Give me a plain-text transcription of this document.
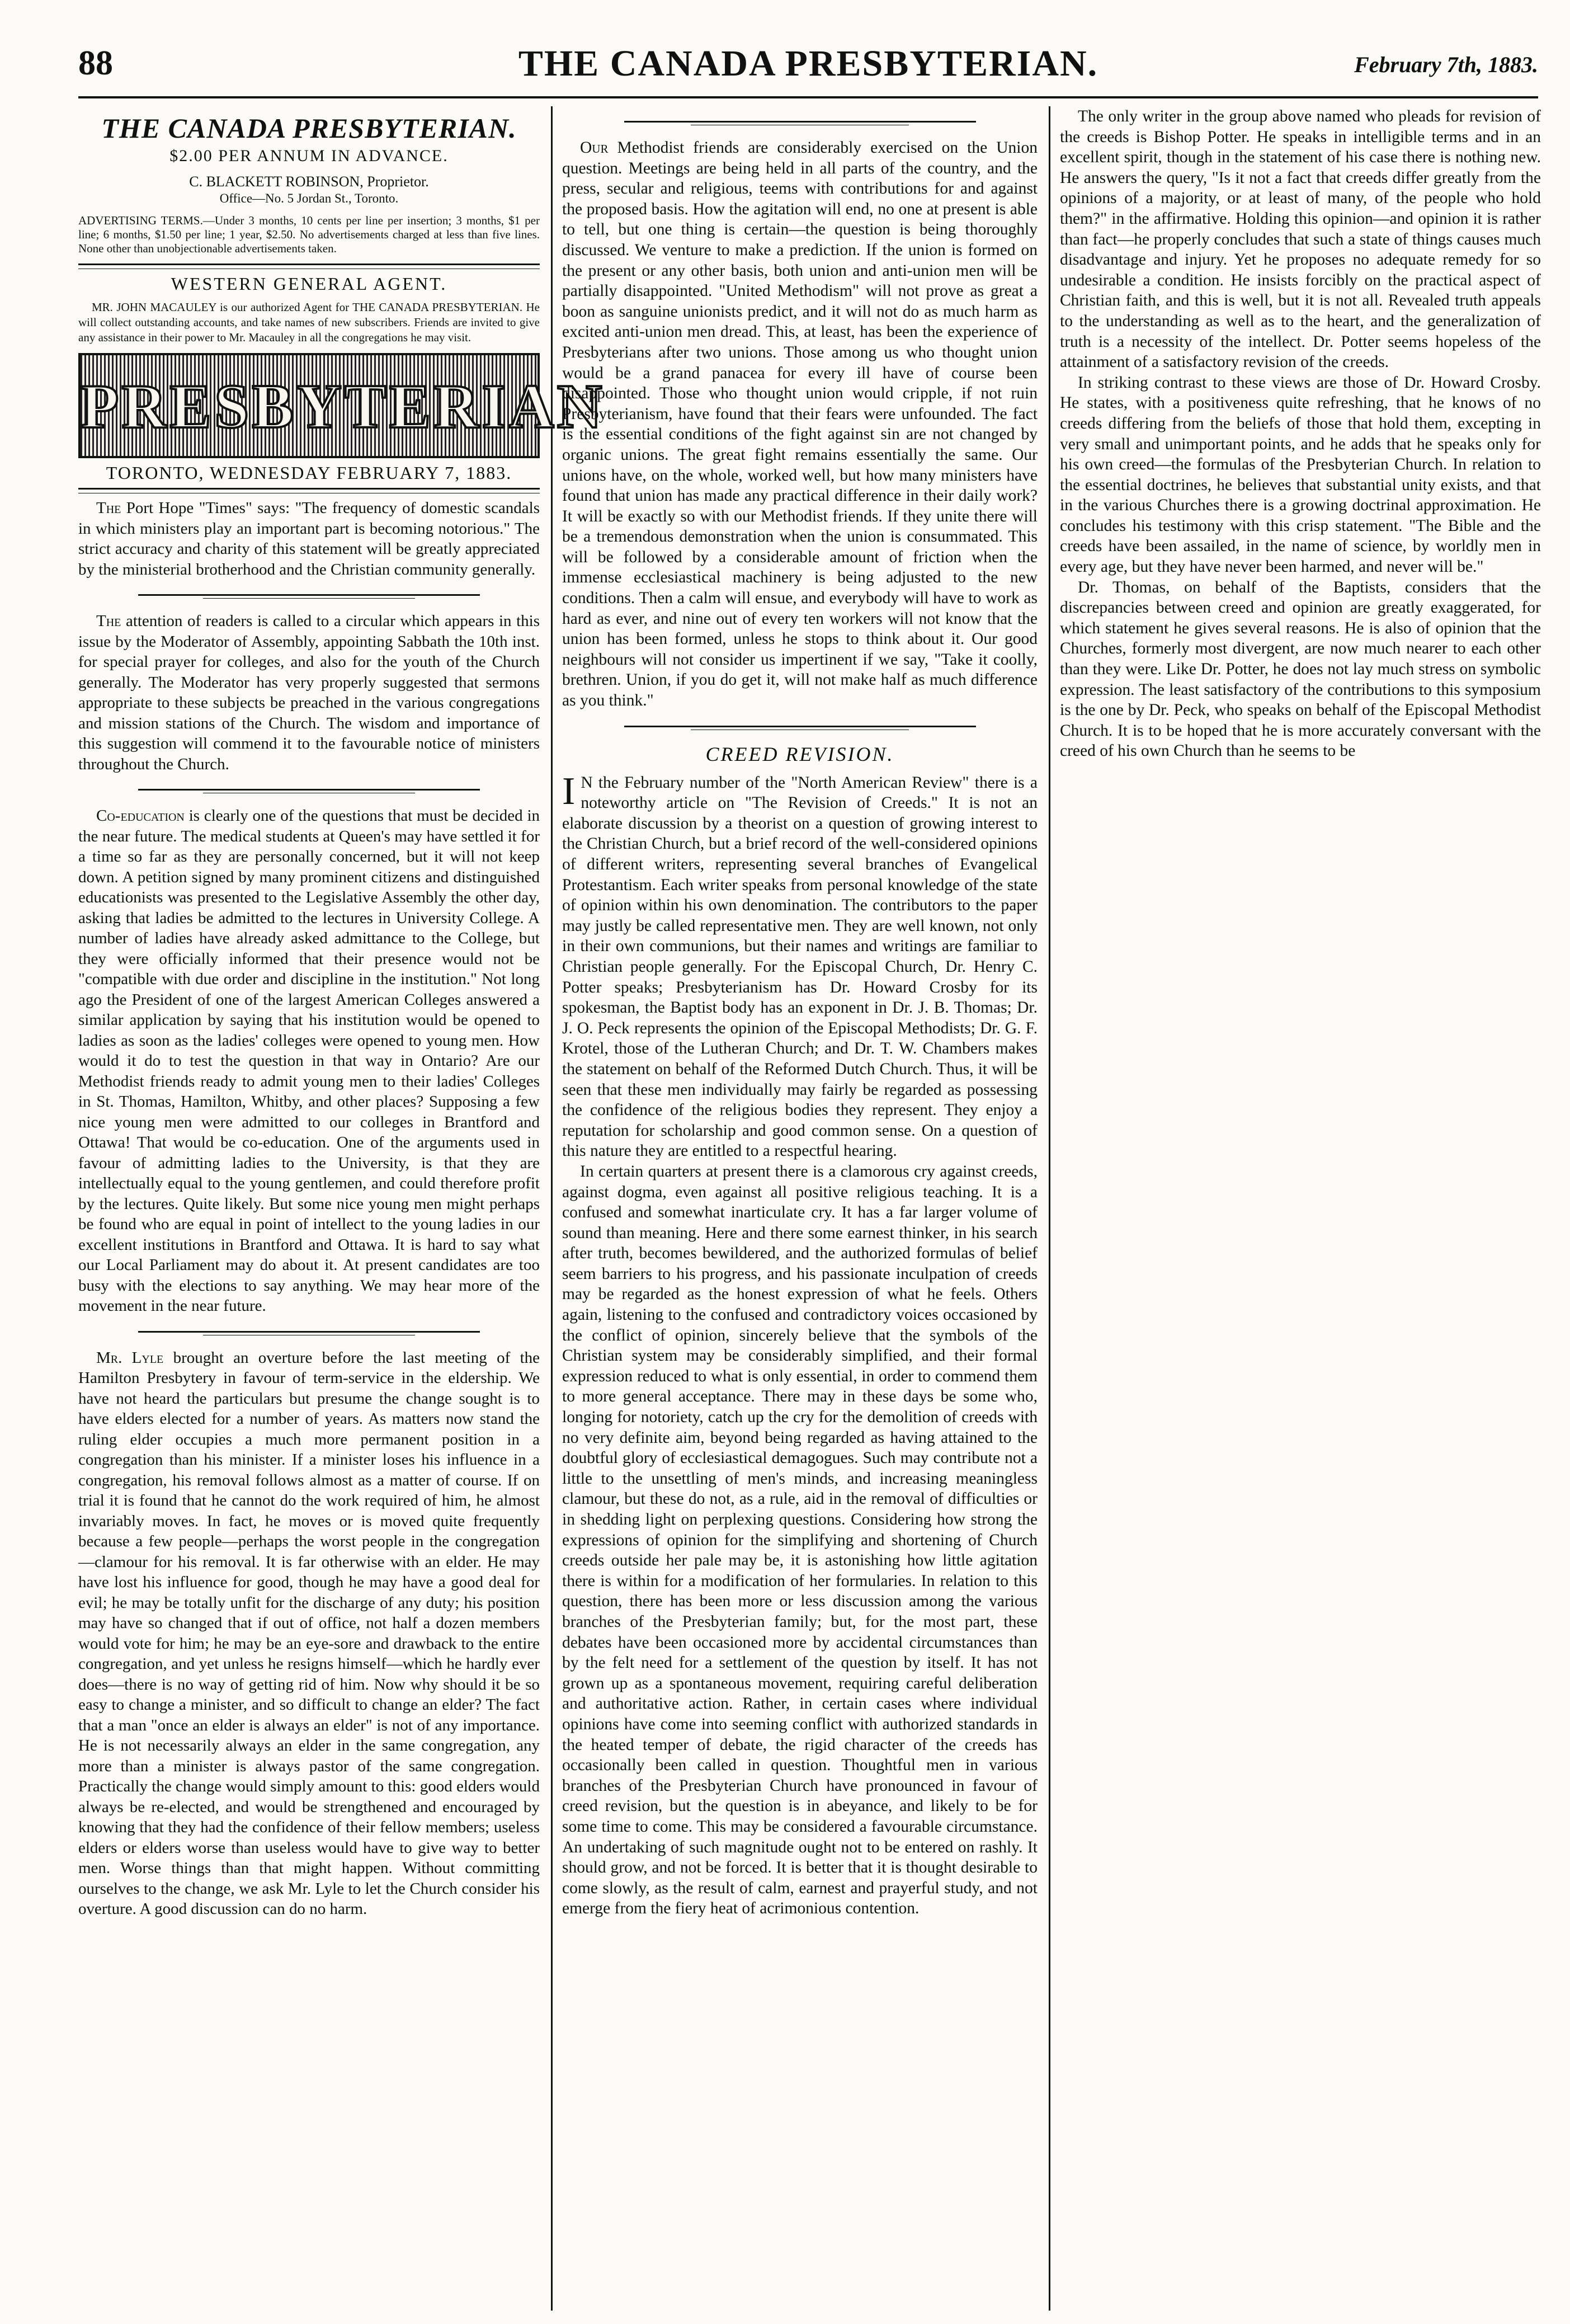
88	THE CANADA PRESBYTERIAN.	February 7th, 1883.
THE CANADA PRESBYTERIAN.
$2.00 PER ANNUM IN ADVANCE.
C. BLACKETT ROBINSON, Proprietor.
Office—No. 5 Jordan St., Toronto.
ADVERTISING TERMS.—Under 3 months, 10 cents per line per insertion; 3 months, $1 per line; 6 months, $1.50 per line; 1 year, $2.50. No advertisements charged at less than five lines. None other than unobjectionable advertisements taken.
WESTERN GENERAL AGENT.
MR. JOHN MACAULEY is our authorized Agent for THE CANADA PRESBYTERIAN. He will collect outstanding accounts, and take names of new subscribers. Friends are invited to give any assistance in their power to Mr. Macauley in all the congregations he may visit.
PRESBYTERIAN
TORONTO, WEDNESDAY FEBRUARY 7, 1883.

The Port Hope "Times" says: "The frequency of domestic scandals in which ministers play an important part is becoming notorious." The strict accuracy and charity of this statement will be greatly appreciated by the ministerial brotherhood and the Christian community generally.

The attention of readers is called to a circular which appears in this issue by the Moderator of Assembly, appointing Sabbath the 10th inst. for special prayer for colleges, and also for the youth of the Church generally. The Moderator has very properly suggested that sermons appropriate to these subjects be preached in the various congregations and mission stations of the Church. The wisdom and importance of this suggestion will commend it to the favourable notice of ministers throughout the Church.

Co-education is clearly one of the questions that must be decided in the near future. The medical students at Queen's may have settled it for a time so far as they are personally concerned, but it will not keep down. A petition signed by many prominent citizens and distinguished educationists was presented to the Legislative Assembly the other day, asking that ladies be admitted to the lectures in University College. A number of ladies have already asked admittance to the College, but they were officially informed that their presence would not be "compatible with due order and discipline in the institution." Not long ago the President of one of the largest American Colleges answered a similar application by saying that his institution would be opened to ladies as soon as the ladies' colleges were opened to young men. How would it do to test the question in that way in Ontario? Are our Methodist friends ready to admit young men to their ladies' Colleges in St. Thomas, Hamilton, Whitby, and other places? Supposing a few nice young men were admitted to our colleges in Brantford and Ottawa! That would be co-education. One of the arguments used in favour of admitting ladies to the University, is that they are intellectually equal to the young gentlemen, and could therefore profit by the lectures. Quite likely. But some nice young men might perhaps be found who are equal in point of intellect to the young ladies in our excellent institutions in Brantford and Ottawa. It is hard to say what our Local Parliament may do about it. At present candidates are too busy with the elections to say anything. We may hear more of the movement in the near future.

Mr. Lyle brought an overture before the last meeting of the Hamilton Presbytery in favour of term-service in the eldership. We have not heard the particulars but presume the change sought is to have elders elected for a number of years. As matters now stand the ruling elder occupies a much more permanent position in a congregation than his minister. If a minister loses his influence in a congregation, his removal follows almost as a matter of course. If on trial it is found that he cannot do the work required of him, he almost invariably moves. In fact, he moves or is moved quite frequently because a few people—perhaps the worst people in the congregation—clamour for his removal. It is far otherwise with an elder. He may have lost his influence for good, though he may have a good deal for evil; he may be totally unfit for the discharge of any duty; his position may have so changed that if out of office, not half a dozen members would vote for him; he may be an eye-sore and drawback to the entire congregation, and yet unless he resigns himself—which he hardly ever does—there is no way of getting rid of him. Now why should it be so easy to change a minister, and so difficult to change an elder? The fact that a man "once an elder is always an elder" is not of any importance. He is not necessarily always an elder in the same congregation, any more than a minister is always pastor of the same congregation. Practically the change would simply amount to this: good elders would always be re-elected, and would be strengthened and encouraged by knowing that they had the confidence of their fellow members; useless elders or elders worse than useless would have to give way to better men. Worse things than that might happen. Without committing ourselves to the change, we ask Mr. Lyle to let the Church consider his overture. A good discussion can do no harm.

Our Methodist friends are considerably exercised on the Union question. Meetings are being held in all parts of the country, and the press, secular and religious, teems with contributions for and against the proposed basis. How the agitation will end, no one at present is able to tell, but one thing is certain—the question is being thoroughly discussed. We venture to make a prediction. If the union is formed on the present or any other basis, both union and anti-union men will be partially disappointed. "United Methodism" will not prove as great a boon as sanguine unionists predict, and it will not do as much harm as excited anti-union men dread. This, at least, has been the experience of Presbyterians after two unions. Those among us who thought union would be a grand panacea for every ill have of course been disappointed. Those who thought union would cripple, if not ruin Presbyterianism, have found that their fears were unfounded. The fact is the essential conditions of the fight against sin are not changed by organic unions. The great fight remains essentially the same. Our unions have, on the whole, worked well, but how many ministers have found that union has made any practical difference in their daily work? It will be exactly so with our Methodist friends. If they unite there will be a tremendous demonstration when the union is consummated. This will be followed by a considerable amount of friction when the immense ecclesiastical machinery is being adjusted to the new conditions. Then a calm will ensue, and everybody will have to work as hard as ever, and nine out of every ten workers will not know that the union has been formed, unless he stops to think about it. Our good neighbours will not consider us impertinent if we say, "Take it coolly, brethren. Union, if you do get it, will not make half as much difference as you think."

CREED REVISION.

I N the February number of the "North American Review" there is a noteworthy article on "The Revision of Creeds." It is not an elaborate discussion by a theorist on a question of growing interest to the Christian Church, but a brief record of the well-considered opinions of different writers, representing several branches of Evangelical Protestantism. Each writer speaks from personal knowledge of the state of opinion within his own denomination. The contributors to the paper may justly be called representative men. They are well known, not only in their own communions, but their names and writings are familiar to Christian people generally. For the Episcopal Church, Dr. Henry C. Potter speaks; Presbyterianism has Dr. Howard Crosby for its spokesman, the Baptist body has an exponent in Dr. J. B. Thomas; Dr. J. O. Peck represents the opinion of the Episcopal Methodists; Dr. G. F. Krotel, those of the Lutheran Church; and Dr. T. W. Chambers makes the statement on behalf of the Reformed Dutch Church. Thus, it will be seen that these men individually may fairly be regarded as possessing the confidence of the religious bodies they represent. They enjoy a reputation for scholarship and good common sense. On a question of this nature they are entitled to a respectful hearing.

In certain quarters at present there is a clamorous cry against creeds, against dogma, even against all positive religious teaching. It is a confused and somewhat inarticulate cry. It has a far larger volume of sound than meaning. Here and there some earnest thinker, in his search after truth, becomes bewildered, and the authorized formulas of belief seem barriers to his progress, and his passionate inculpation of creeds may be regarded as the honest expression of what he feels. Others again, listening to the confused and contradictory voices occasioned by the conflict of opinion, sincerely believe that the symbols of the Christian system may be considerably simplified, and their formal expression reduced to what is only essential, in order to commend them to more general acceptance. There may in these days be some who, longing for notoriety, catch up the cry for the demolition of creeds with no very definite aim, beyond being regarded as having attained to the doubtful glory of ecclesiastical demagogues. Such may contribute not a little to the unsettling of men's minds, and increasing meaningless clamour, but these do not, as a rule, aid in the removal of difficulties or in shedding light on perplexing questions. Considering how strong the expressions of opinion for the simplifying and shortening of Church creeds outside her pale may be, it is astonishing how little agitation there is within for a modification of her formularies. In relation to this question, there has been more or less discussion among the various branches of the Presbyterian family; but, for the most part, these debates have been occasioned more by accidental circumstances than by the felt need for a settlement of the question by itself. It has not grown up as a spontaneous movement, requiring careful deliberation and authoritative action. Rather, in certain cases where individual opinions have come into seeming conflict with authorized standards in the heated temper of debate, the rigid character of the creeds has occasionally been called in question. Thoughtful men in various branches of the Presbyterian Church have pronounced in favour of creed revision, but the question is in abeyance, and likely to be for some time to come. This may be considered a favourable circumstance. An undertaking of such magnitude ought not to be entered on rashly. It should grow, and not be forced. It is better that it is thought desirable to come slowly, as the result of calm, earnest and prayerful study, and not emerge from the fiery heat of acrimonious contention.

The only writer in the group above named who pleads for revision of the creeds is Bishop Potter. He speaks in intelligible terms and in an excellent spirit, though in the statement of his case there is nothing new. He answers the query, "Is it not a fact that creeds differ greatly from the opinions of a majority, or at least of many, of the people who hold them?" in the affirmative. Holding this opinion—and opinion it is rather than fact—he properly concludes that such a state of things causes much disadvantage and injury. Yet he proposes no adequate remedy for so undesirable a condition. He insists forcibly on the practical aspect of Christian faith, and this is well, but it is not all. Revealed truth appeals to the understanding as well as to the heart, and the generalization of truth is a necessity of the intellect. Dr. Potter seems hopeless of the attainment of a satisfactory revision of the creeds.

In striking contrast to these views are those of Dr. Howard Crosby. He states, with a positiveness quite refreshing, that he knows of no creeds differing from the beliefs of those that hold them, excepting in very small and unimportant points, and he adds that he speaks only for his own creed—the formulas of the Presbyterian Church. In relation to the essential doctrines, he believes that substantial unity exists, and that in the various Churches there is a growing doctrinal approximation. He concludes his testimony with this crisp statement. "The Bible and the creeds have been assailed, in the name of science, by worldly men in every age, but they have never been harmed, and never will be."

Dr. Thomas, on behalf of the Baptists, considers that the discrepancies between creed and opinion are greatly exaggerated, for which statement he gives several reasons. He is also of opinion that the Churches, formerly most divergent, are now much nearer to each other than they were. Like Dr. Potter, he does not lay much stress on symbolic expression. The least satisfactory of the contributions to this symposium is the one by Dr. Peck, who speaks on behalf of the Episcopal Methodist Church. It is to be hoped that he is more accurately conversant with the creed of his own Church than he seems to be
